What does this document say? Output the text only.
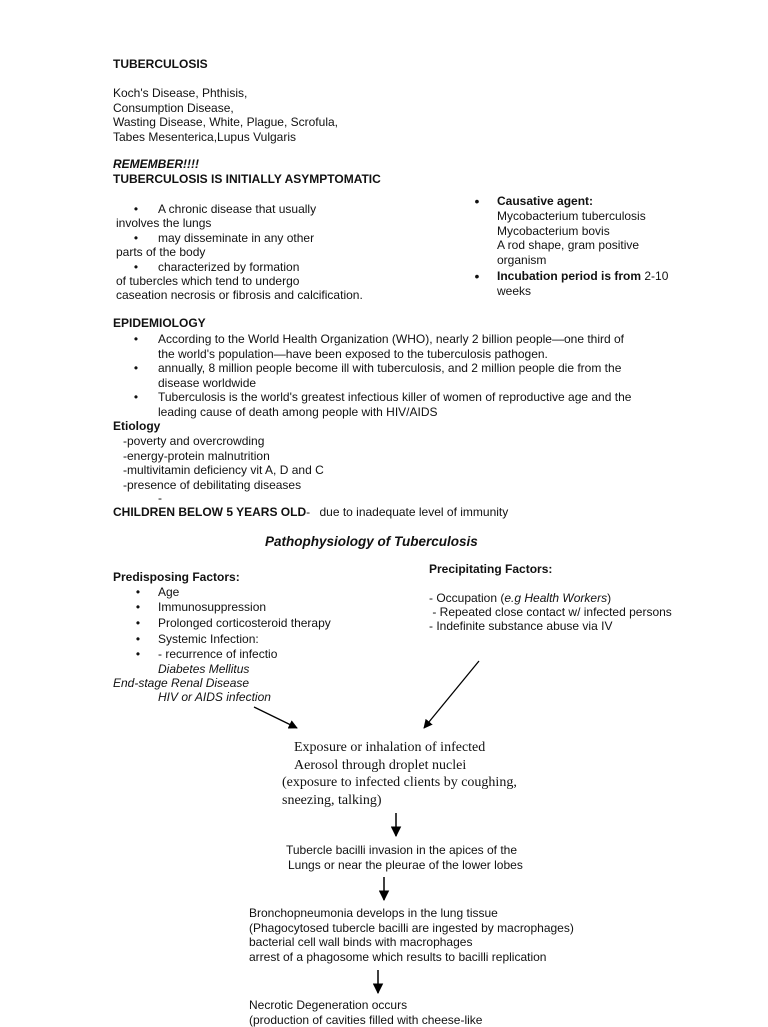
TUBERCULOSIS
Koch's Disease, Phthisis,
Consumption Disease,
Wasting Disease, White, Plague, Scrofula,
Tabes Mesenterica,Lupus Vulgaris
REMEMBER!!!!
TUBERCULOSIS IS INITIALLY ASYMPTOMATIC
•	A chronic disease that usually
involves the lungs
•	may disseminate in any other
parts of the body
•	characterized by formation
of tubercles which tend to undergo
caseation necrosis or fibrosis and calcification.
•	Causative agent:
Mycobacterium tuberculosis
Mycobacterium bovis
A rod shape, gram positive
organism
•	Incubation period is from 2-10
weeks
EPIDEMIOLOGY
•	According to the World Health Organization (WHO), nearly 2 billion people—one third of
the world's population—have been exposed to the tuberculosis pathogen.
•	annually, 8 million people become ill with tuberculosis, and 2 million people die from the
disease worldwide
•	Tuberculosis is the world's greatest infectious killer of women of reproductive age and the
leading cause of death among people with HIV/AIDS
Etiology
-poverty and overcrowding
-energy-protein malnutrition
-multivitamin deficiency vit A, D and C
-presence of debilitating diseases
-
CHILDREN BELOW 5 YEARS OLD- due to inadequate level of immunity
Pathophysiology of Tuberculosis
Predisposing Factors:
•	Age
•	Immunosuppression
•	Prolonged corticosteroid therapy
•	Systemic Infection:
•	- recurrence of infectio
Diabetes Mellitus
End-stage Renal Disease
HIV or AIDS infection
Precipitating Factors:
- Occupation (e.g Health Workers)
- Repeated close contact w/ infected persons
- Indefinite substance abuse via IV
Exposure or inhalation of infected
Aerosol through droplet nuclei
(exposure to infected clients by coughing,
sneezing, talking)
Tubercle bacilli invasion in the apices of the
Lungs or near the pleurae of the lower lobes
Bronchopneumonia develops in the lung tissue
(Phagocytosed tubercle bacilli are ingested by macrophages)
bacterial cell wall binds with macrophages
arrest of a phagosome which results to bacilli replication
Necrotic Degeneration occurs
(production of cavities filled with cheese-like
